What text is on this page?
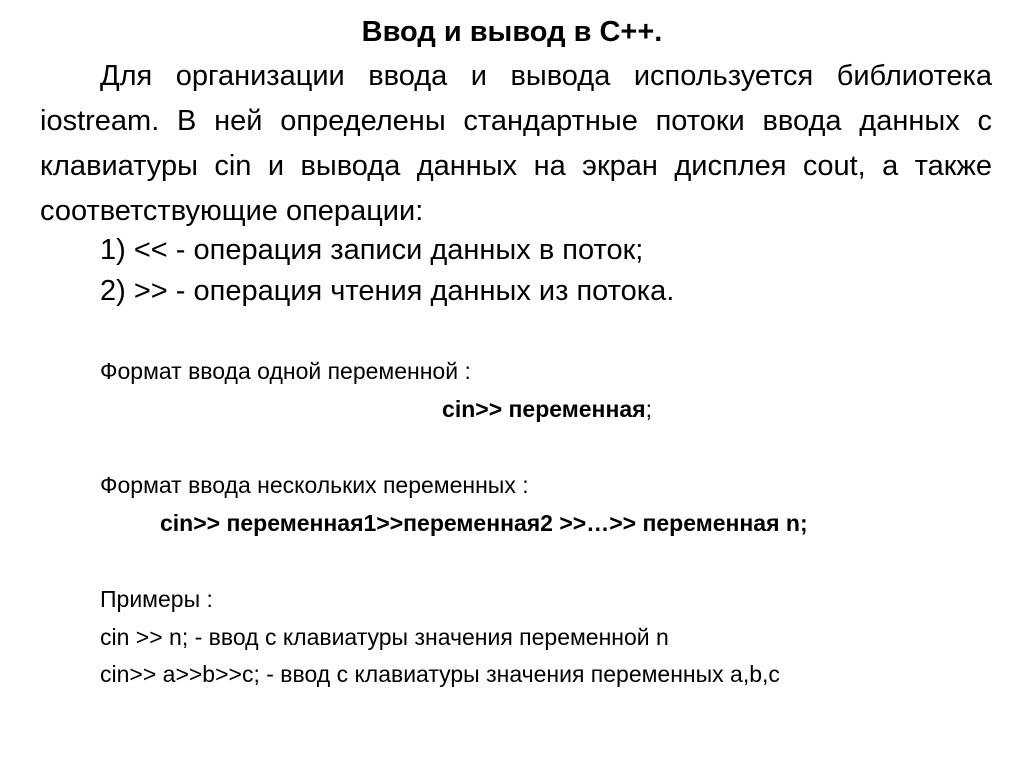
Ввод и вывод в С++.

Для организации ввода и вывода используется библиотека iostream. В ней определены стандартные потоки ввода данных с клавиатуры cin и вывода данных на экран дисплея cout, а также соответствующие операции:

1) << - операция записи данных в поток;
2) >> - операция чтения данных из потока.
Формат ввода одной переменной :
cin>> переменная;
Формат ввода нескольких переменных :
cin>> переменная1>>переменная2 >>…>> переменная n;
Примеры :
cin >> n; - ввод с клавиатуры значения переменной n
cin>> a>>b>>c; - ввод с клавиатуры значения переменных a,b,c
